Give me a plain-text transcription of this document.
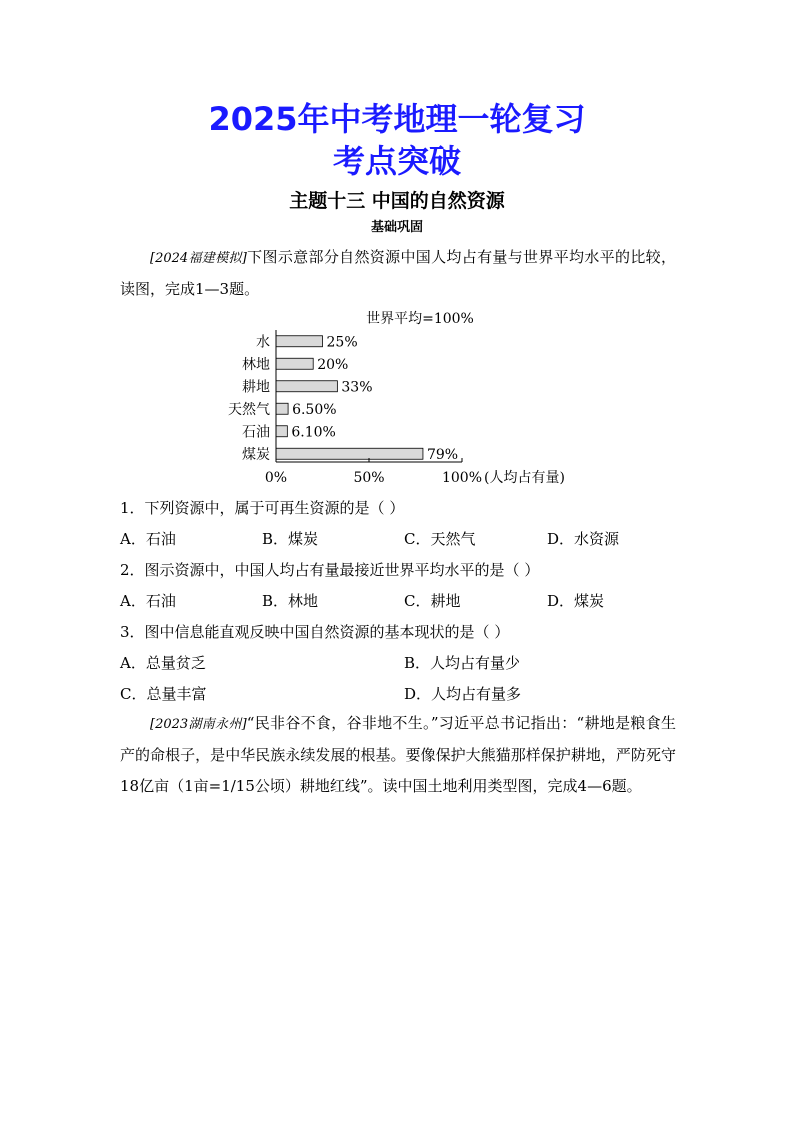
2025年中考地理一轮复习
考点突破
主题十三 中国的自然资源
基础巩固
[2024福建模拟]下图示意部分自然资源中国人均占有量与世界平均水平的比较，读图，完成1—3题。
世界平均=100%
水	25%
林地	20%
耕地	33%
天然气 6.50%
石油 6.10%
煤炭	79%
0%	50%	100% (人均占有量)
1．下列资源中，属于可再生资源的是（ ）
A．石油	B．煤炭	C．天然气	D．水资源
2．图示资源中，中国人均占有量最接近世界平均水平的是（ ）
A．石油	B．林地	C．耕地	D．煤炭
3．图中信息能直观反映中国自然资源的基本现状的是（ ）
A．总量贫乏	B．人均占有量少
C．总量丰富	D．人均占有量多
[2023湖南永州]“民非谷不食，谷非地不生。”习近平总书记指出：“耕地是粮食生产的命根子，是中华民族永续发展的根基。要像保护大熊猫那样保护耕地，严防死守18亿亩（1亩=1/15公顷）耕地红线”。读中国土地利用类型图，完成4—6题。
